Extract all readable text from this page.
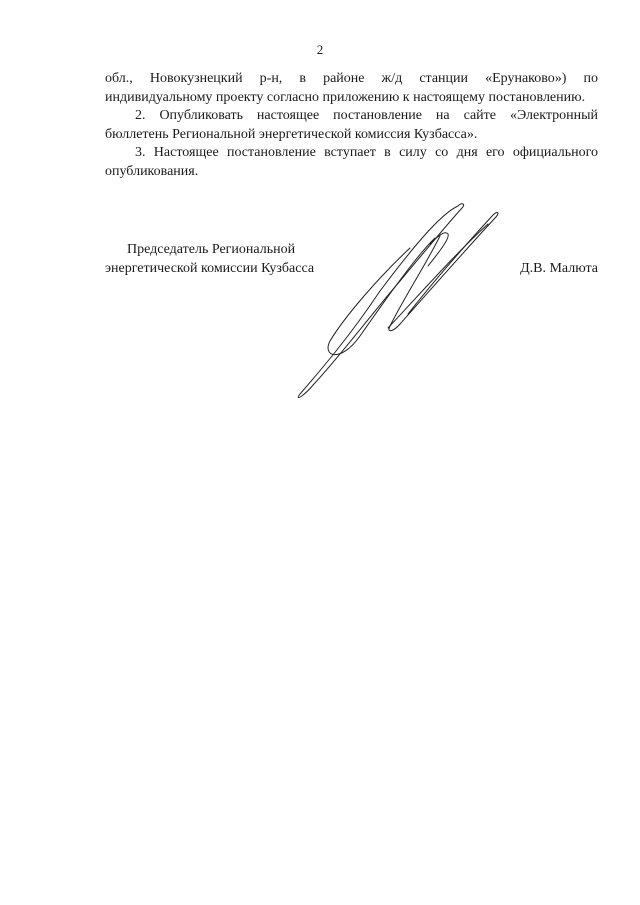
2

обл., Новокузнецкий р-н, в районе ж/д станции «Ерунаково») по индивидуальному проекту согласно приложению к настоящему постановлению.

2. Опубликовать настоящее постановление на сайте «Электронный бюллетень Региональной энергетической комиссия Кузбасса».

3. Настоящее постановление вступает в силу со дня его официального опубликования.

Председатель Региональной
энергетической комиссии Кузбасса	Д.В. Малюта
